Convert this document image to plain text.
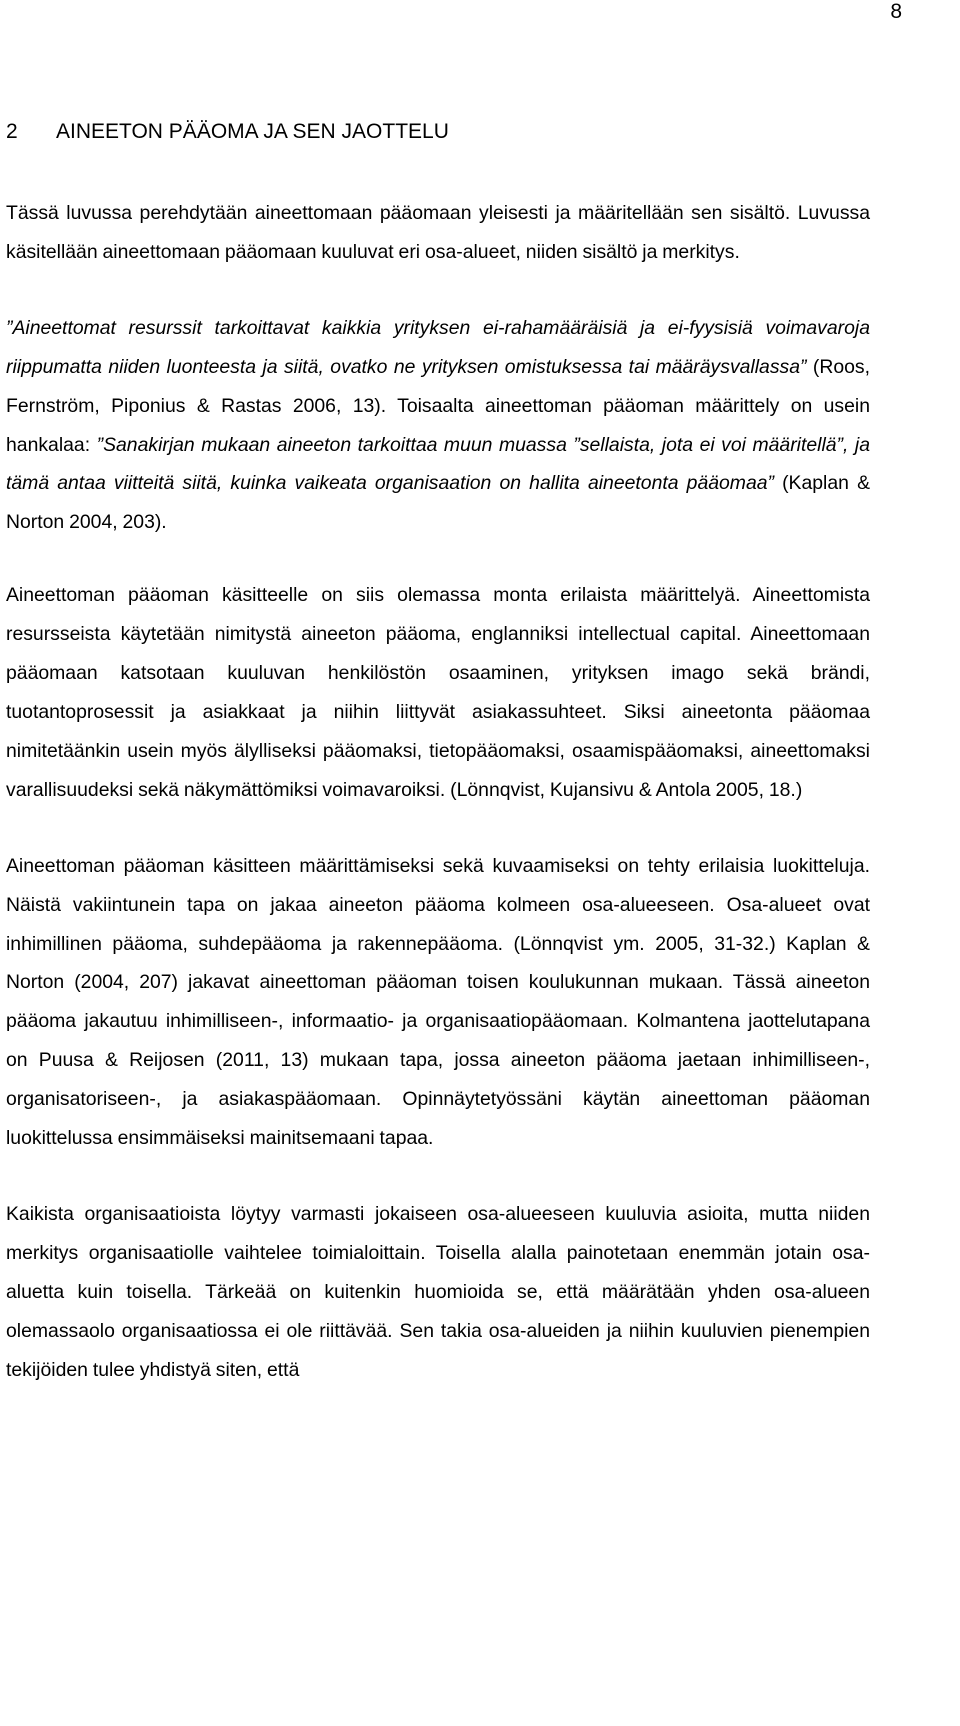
8
2 AINEETON PÄÄOMA JA SEN JAOTTELU

Tässä luvussa perehdytään aineettomaan pääomaan yleisesti ja määritellään sen sisältö. Luvussa käsitellään aineettomaan pääomaan kuuluvat eri osa-alueet, niiden sisältö ja merkitys.

”Aineettomat resurssit tarkoittavat kaikkia yrityksen ei-rahamääräisiä ja ei-fyysisiä voimavaroja riippumatta niiden luonteesta ja siitä, ovatko ne yrityksen omistuksessa tai määräysvallassa” (Roos, Fernström, Piponius & Rastas 2006, 13). Toisaalta aineettoman pääoman määrittely on usein hankalaa: ”Sanakirjan mukaan aineeton tarkoittaa muun muassa ”sellaista, jota ei voi määritellä”, ja tämä antaa viitteitä siitä, kuinka vaikeata organisaation on hallita aineetonta pääomaa” (Kaplan & Norton 2004, 203).

Aineettoman pääoman käsitteelle on siis olemassa monta erilaista määrittelyä. Aineettomista resursseista käytetään nimitystä aineeton pääoma, englanniksi intellectual capital. Aineettomaan pääomaan katsotaan kuuluvan henkilöstön osaaminen, yrityksen imago sekä brändi, tuotantoprosessit ja asiakkaat ja niihin liittyvät asiakassuhteet. Siksi aineetonta pääomaa nimitetäänkin usein myös älylliseksi pääomaksi, tietopääomaksi, osaamispääomaksi, aineettomaksi varallisuudeksi sekä näkymättömiksi voimavaroiksi. (Lönnqvist, Kujansivu & Antola 2005, 18.)

Aineettoman pääoman käsitteen määrittämiseksi sekä kuvaamiseksi on tehty erilaisia luokitteluja. Näistä vakiintunein tapa on jakaa aineeton pääoma kolmeen osa-alueeseen. Osa-alueet ovat inhimillinen pääoma, suhdepääoma ja rakennepääoma. (Lönnqvist ym. 2005, 31-32.) Kaplan & Norton (2004, 207) jakavat aineettoman pääoman toisen koulukunnan mukaan. Tässä aineeton pääoma jakautuu inhimilliseen-, informaatio- ja organisaatiopääomaan. Kolmantena jaottelutapana on Puusa & Reijosen (2011, 13) mukaan tapa, jossa aineeton pääoma jaetaan inhimilliseen-, organisatoriseen-, ja asiakaspääomaan. Opinnäytetyössäni käytän aineettoman pääoman luokittelussa ensimmäiseksi mainitsemaani tapaa.

Kaikista organisaatioista löytyy varmasti jokaiseen osa-alueeseen kuuluvia asioita, mutta niiden merkitys organisaatiolle vaihtelee toimialoittain. Toisella alalla painotetaan enemmän jotain osa-aluetta kuin toisella. Tärkeää on kuitenkin huomioida se, että määrätään yhden osa-alueen olemassaolo organisaatiossa ei ole riittävää. Sen takia osa-alueiden ja niihin kuuluvien pienempien tekijöiden tulee yhdistyä siten, että
